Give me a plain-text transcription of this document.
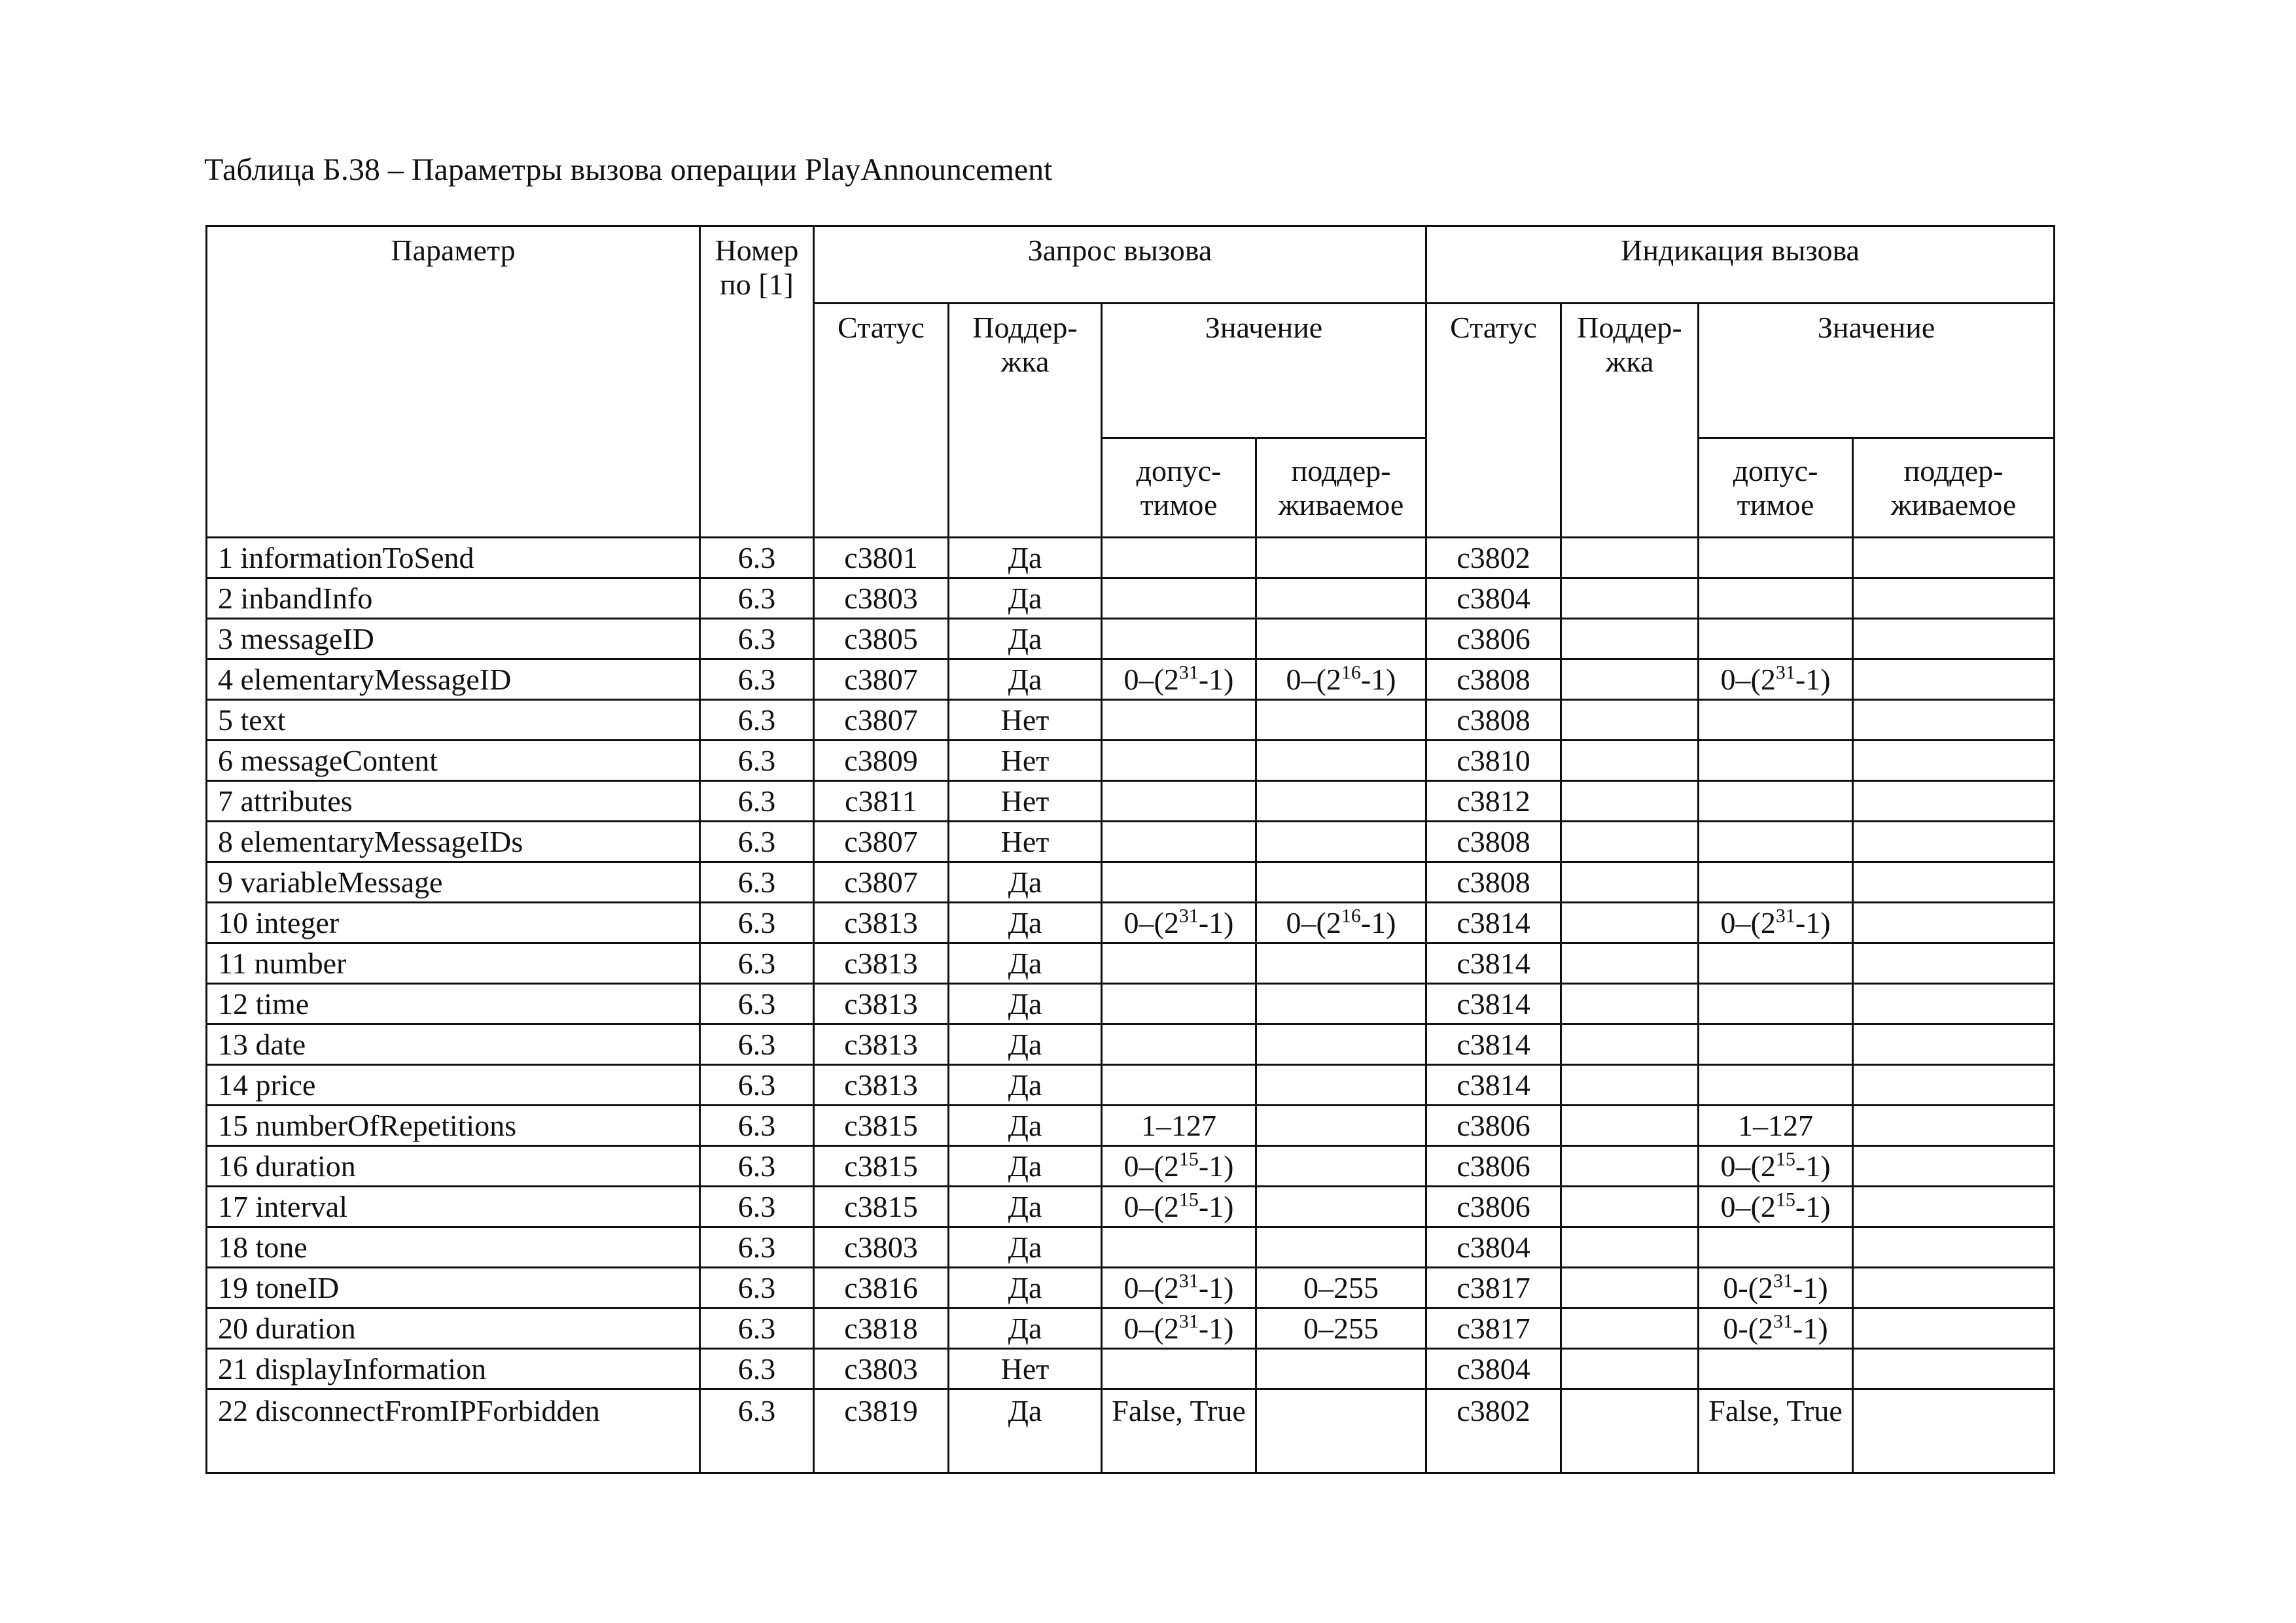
Таблица Б.38 – Параметры вызова операции PlayAnnouncement
Параметр	Номер по [1]	Запрос вызова				Индикация вызова			
		Статус	Поддер-жка	Значение		Статус	Поддер-жка	Значение	
				допус-тимое	поддер-живаемое			допус-тимое	поддер-живаемое
1 informationToSend	6.3	c3801	Да			c3802			
2 inbandInfo	6.3	c3803	Да			c3804			
3 messageID	6.3	c3805	Да			c3806			
4 elementaryMessageID	6.3	c3807	Да	$0-(2^{31}-1)$	$0-(2^{16}-1)$	c3808		$0-(2^{31}-1)$	
5 text	6.3	c3807	Нет			c3808			
6 messageContent	6.3	c3809	Нет			c3810			
7 attributes	6.3	c3811	Нет			c3812			
8 elementaryMessageIDs	6.3	c3807	Нет			c3808			
9 variableMessage	6.3	c3807	Да			c3808			
10 integer	6.3	c3813	Да	$0-(2^{31}-1)$	$0-(2^{16}-1)$	c3814		$0-(2^{31}-1)$	
11 number	6.3	c3813	Да			c3814			
12 time	6.3	c3813	Да			c3814			
13 date	6.3	c3813	Да			c3814			
14 price	6.3	c3813	Да			c3814			
15 numberOfRepetitions	6.3	c3815	Да	1–127		c3806		1–127	
16 duration	6.3	c3815	Да	$0-(2^{15}-1)$		c3806		$0-(2^{15}-1)$	
17 interval	6.3	c3815	Да	$0-(2^{15}-1)$		c3806		$0-(2^{15}-1)$	
18 tone	6.3	c3803	Да			c3804			
19 toneID	6.3	c3816	Да	$0-(2^{31}-1)$	0–255	c3817		$0-(2^{31}-1)$	
20 duration	6.3	c3818	Да	$0-(2^{31}-1)$	0–255	c3817		$0-(2^{31}-1)$	
21 displayInformation	6.3	c3803	Нет			c3804			
22 disconnectFromIPForbidden	6.3	c3819	Да	False, True		c3802		False, True	
